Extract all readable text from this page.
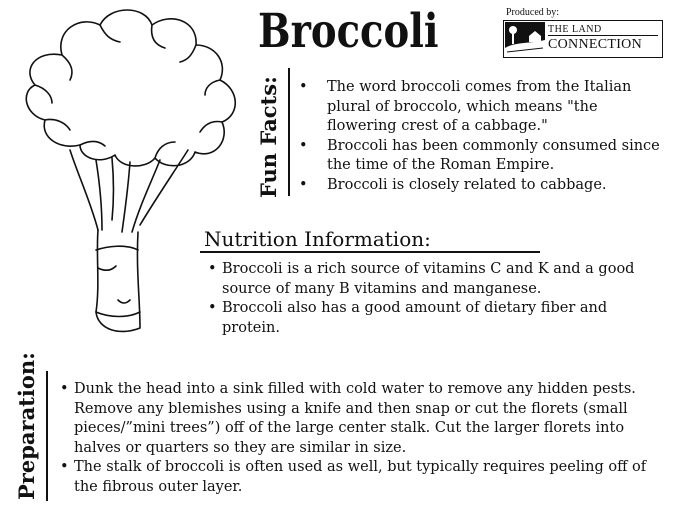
Broccoli	Produced by:
THE LAND
CONNECTION
Fun Facts:	• The word broccoli comes from the Italian plural of broccolo, which means "the flowering crest of a cabbage."
• Broccoli has been commonly consumed since the time of the Roman Empire.
• Broccoli is closely related to cabbage.
Nutrition Information:
• Broccoli is a rich source of vitamins C and K and a good source of many B vitamins and manganese.
• Broccoli also has a good amount of dietary fiber and protein.
Preparation: • Dunk the head into a sink filled with cold water to remove any hidden pests. Remove any blemishes using a knife and then snap or cut the florets (small pieces/”mini trees”) off of the large center stalk. Cut the larger florets into halves or quarters so they are similar in size.
• The stalk of broccoli is often used as well, but typically requires peeling off of the fibrous outer layer.
